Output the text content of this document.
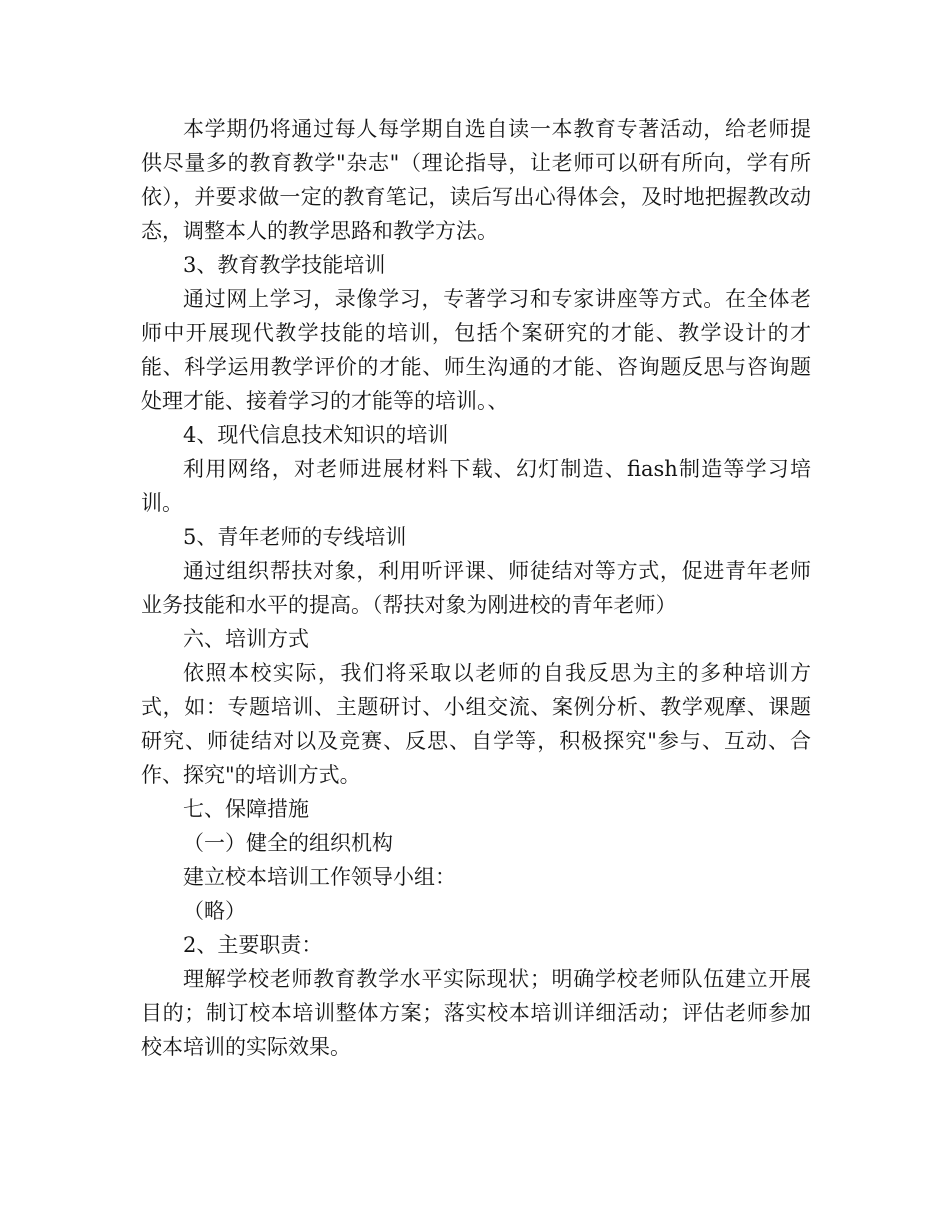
本学期仍将通过每人每学期自选自读一本教育专著活动，给老师提供尽量多的教育教学"杂志"（理论指导，让老师可以研有所向，学有所依），并要求做一定的教育笔记，读后写出心得体会，及时地把握教改动态，调整本人的教学思路和教学方法。

3、教育教学技能培训

通过网上学习，录像学习，专著学习和专家讲座等方式。在全体老师中开展现代教学技能的培训，包括个案研究的才能、教学设计的才能、科学运用教学评价的才能、师生沟通的才能、咨询题反思与咨询题处理才能、接着学习的才能等的培训。、

4、现代信息技术知识的培训

利用网络，对老师进展材料下载、幻灯制造、fiash制造等学习培训。

5、青年老师的专线培训

通过组织帮扶对象，利用听评课、师徒结对等方式，促进青年老师业务技能和水平的提高。（帮扶对象为刚进校的青年老师）

六、培训方式

依照本校实际，我们将采取以老师的自我反思为主的多种培训方式，如：专题培训、主题研讨、小组交流、案例分析、教学观摩、课题研究、师徒结对以及竞赛、反思、自学等，积极探究"参与、互动、合作、探究"的培训方式。

七、保障措施

（一）健全的组织机构

建立校本培训工作领导小组：

（略）

2、主要职责：

理解学校老师教育教学水平实际现状；明确学校老师队伍建立开展目的；制订校本培训整体方案；落实校本培训详细活动；评估老师参加校本培训的实际效果。
